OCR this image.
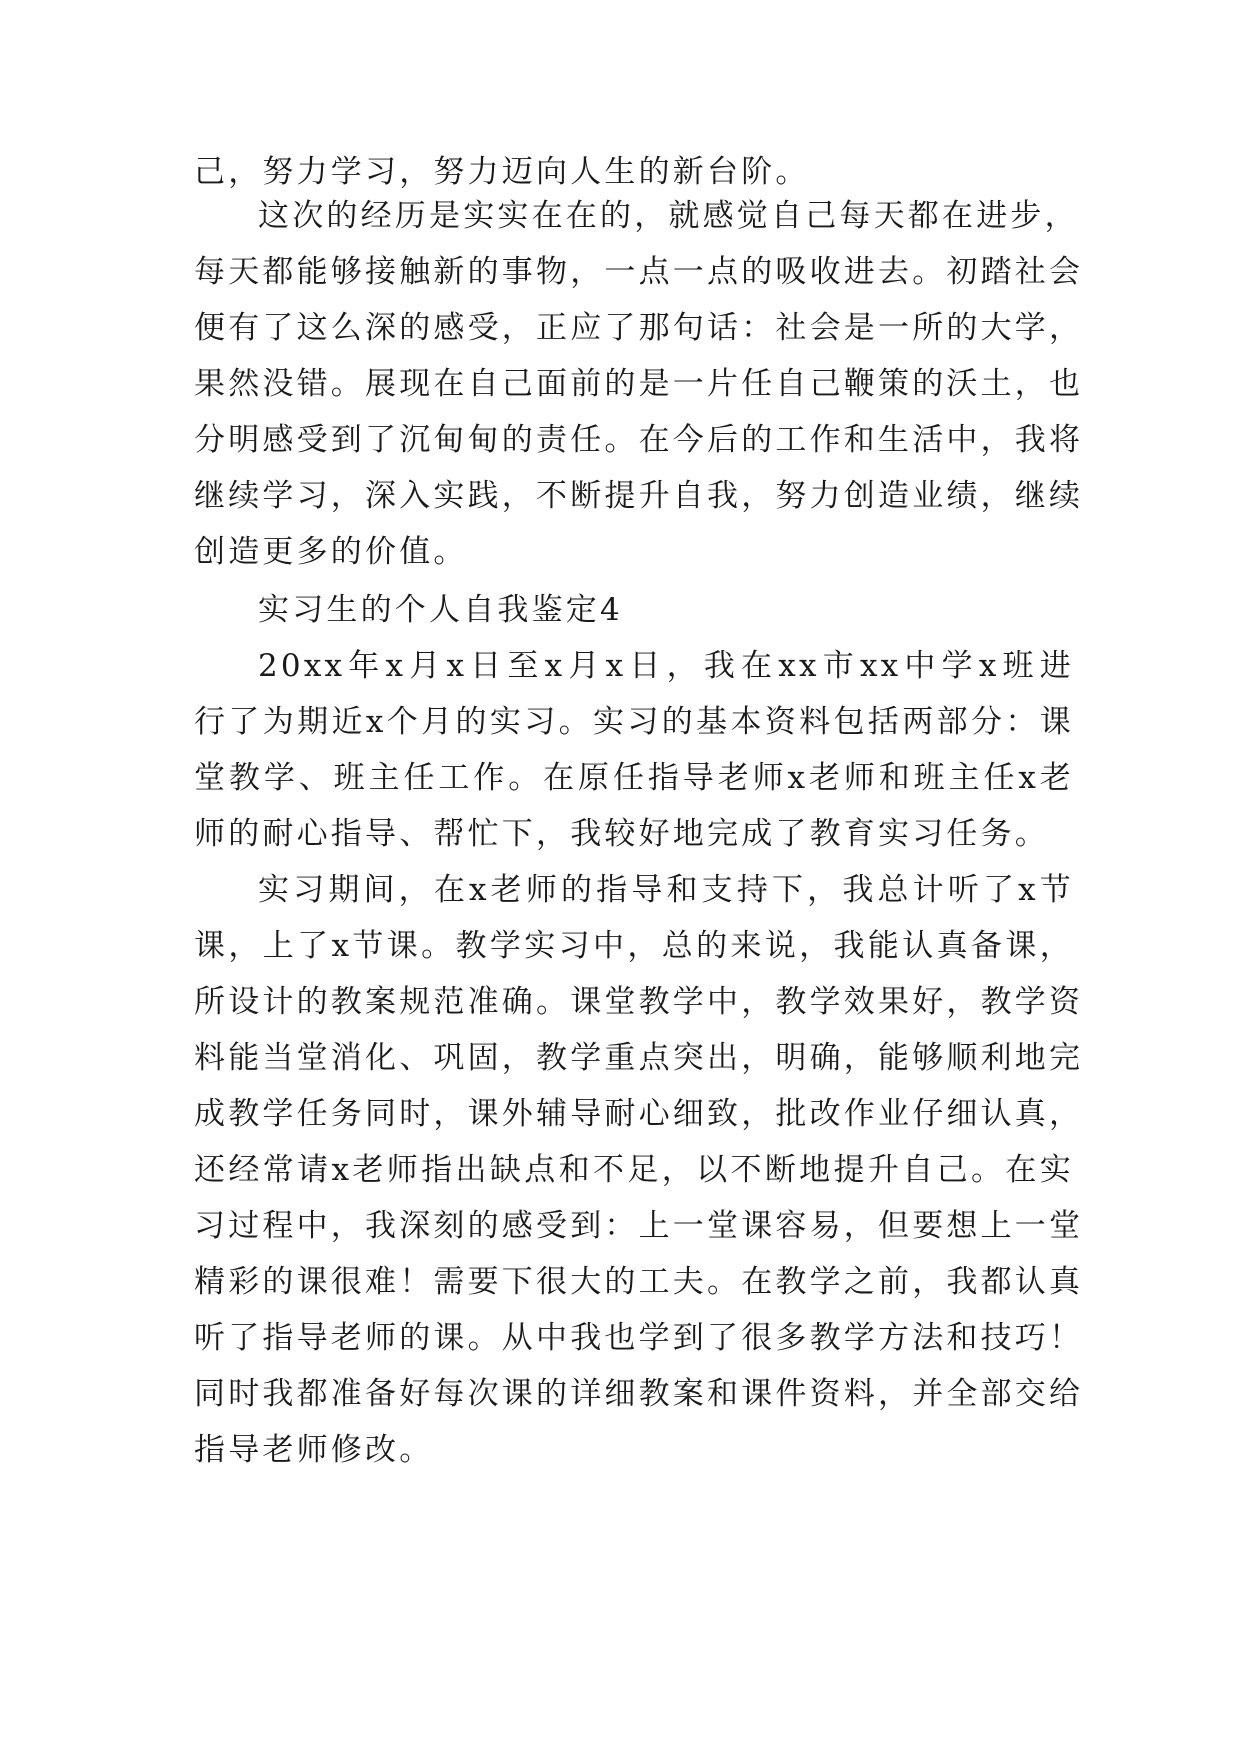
己，努力学习，努力迈向人生的新台阶。
这次的经历是实实在在的，就感觉自己每天都在进步，
每天都能够接触新的事物，一点一点的吸收进去。初踏社会
便有了这么深的感受，正应了那句话：社会是一所的大学，
果然没错。展现在自己面前的是一片任自己鞭策的沃土，也
分明感受到了沉甸甸的责任。在今后的工作和生活中，我将
继续学习，深入实践，不断提升自我，努力创造业绩，继续
创造更多的价值。
实习生的个人自我鉴定4
20xx年x月x日至x月x日，我在xx市xx中学x班进
行了为期近x个月的实习。实习的基本资料包括两部分：课
堂教学、班主任工作。在原任指导老师x老师和班主任x老
师的耐心指导、帮忙下，我较好地完成了教育实习任务。
实习期间，在x老师的指导和支持下，我总计听了x节
课，上了x节课。教学实习中，总的来说，我能认真备课，
所设计的教案规范准确。课堂教学中，教学效果好，教学资
料能当堂消化、巩固，教学重点突出，明确，能够顺利地完
成教学任务同时，课外辅导耐心细致，批改作业仔细认真，
还经常请x老师指出缺点和不足，以不断地提升自己。在实
习过程中，我深刻的感受到：上一堂课容易，但要想上一堂
精彩的课很难！需要下很大的工夫。在教学之前，我都认真
听了指导老师的课。从中我也学到了很多教学方法和技巧！
同时我都准备好每次课的详细教案和课件资料，并全部交给
指导老师修改。
